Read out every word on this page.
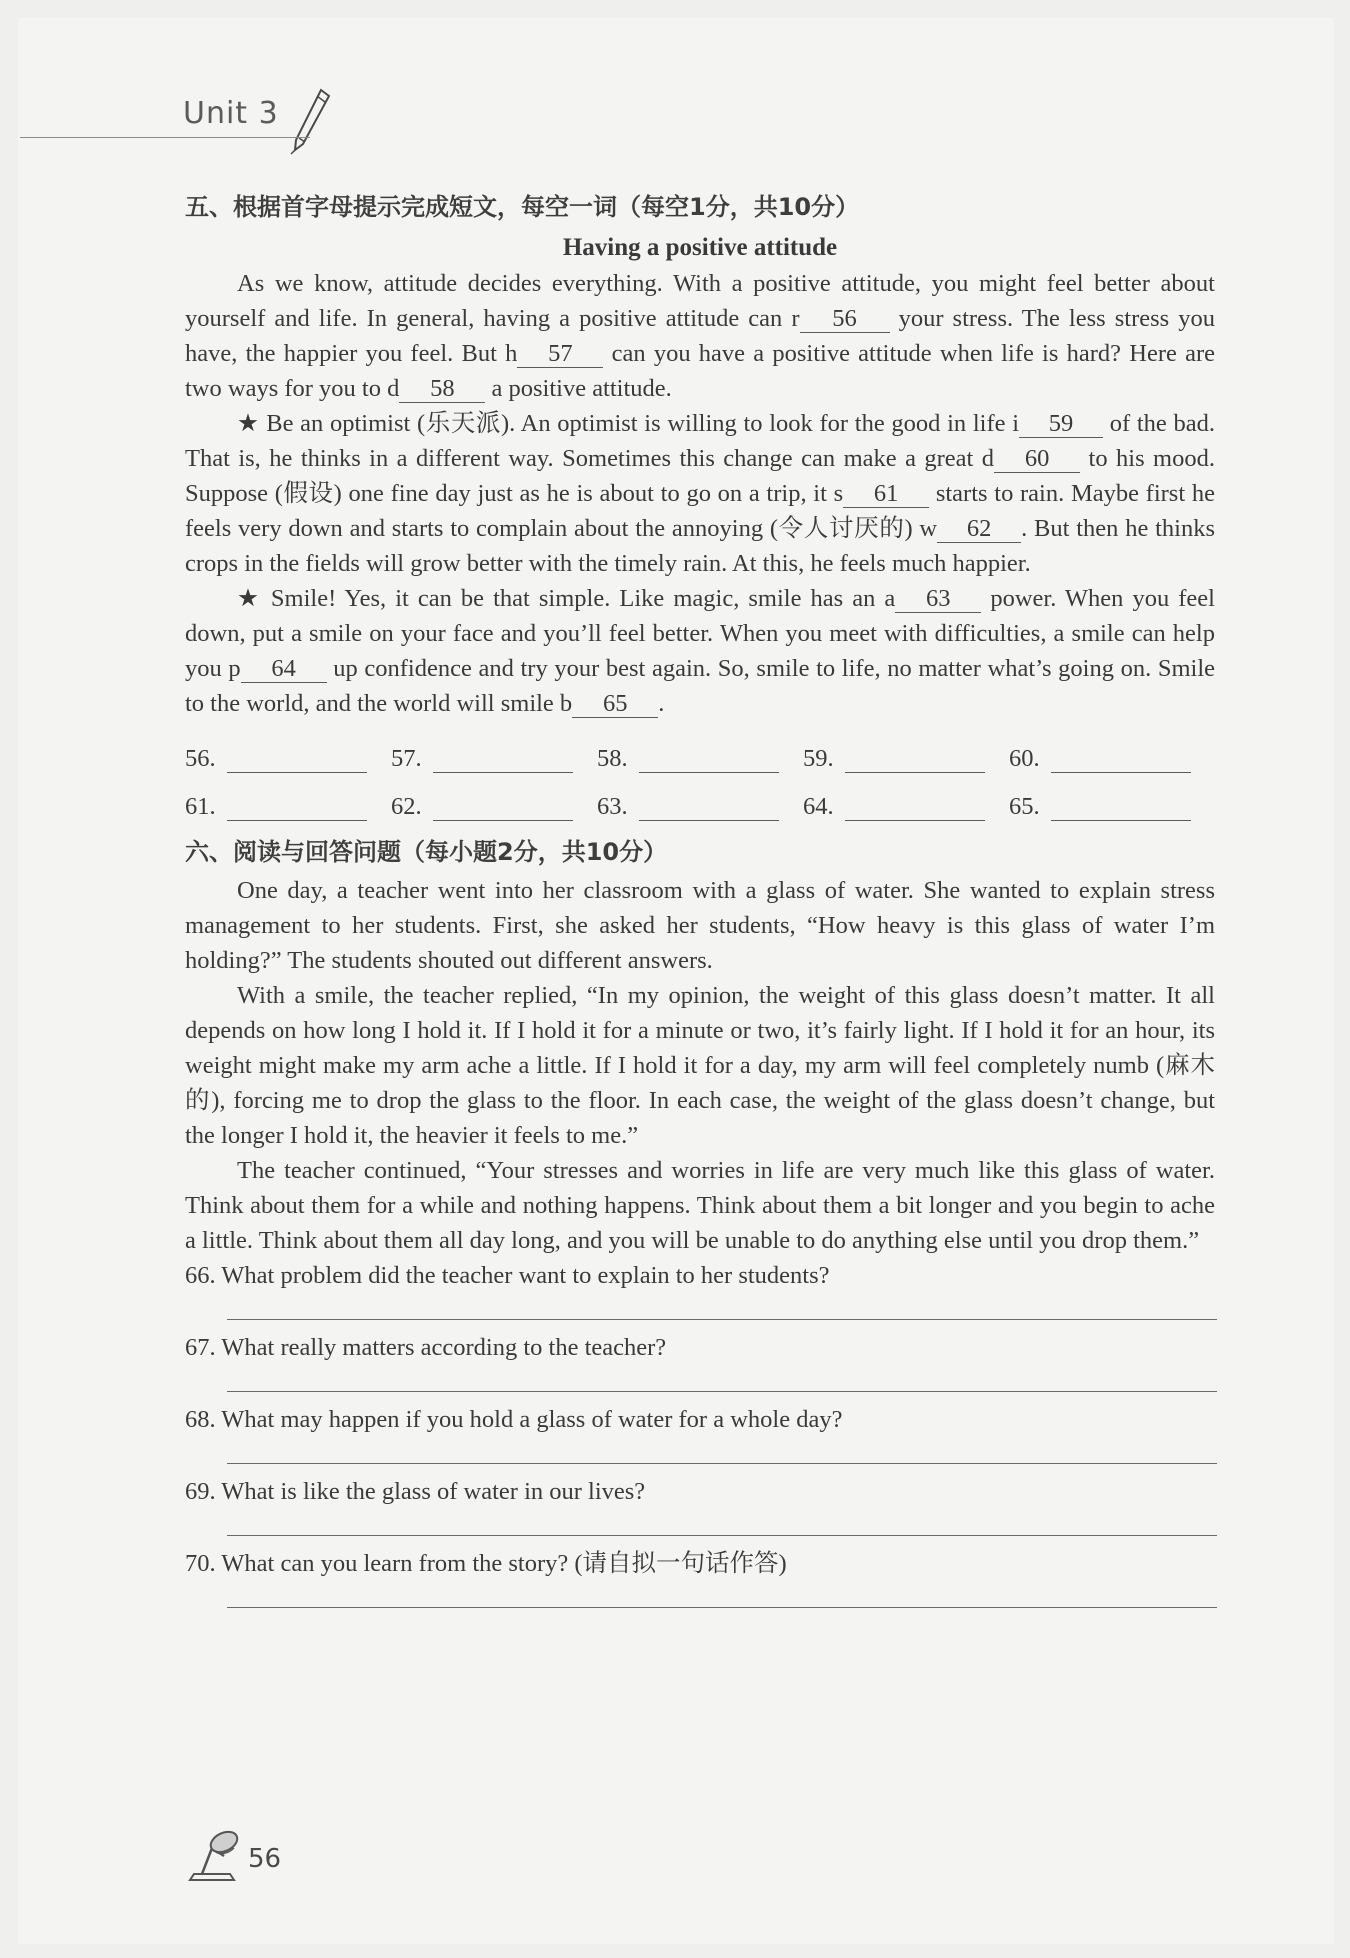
Unit 3
五、根据首字母提示完成短文，每空一词（每空1分，共10分）
Having a positive attitude
As we know, attitude decides everything. With a positive attitude, you might feel better about yourself and life. In general, having a positive attitude can r 56 your stress. The less stress you have, the happier you feel. But h 57 can you have a positive attitude when life is hard? Here are two ways for you to d 58 a positive attitude.
★ Be an optimist (乐天派). An optimist is willing to look for the good in life i 59 of the bad. That is, he thinks in a different way. Sometimes this change can make a great d 60 to his mood. Suppose (假设) one fine day just as he is about to go on a trip, it s 61 starts to rain. Maybe first he feels very down and starts to complain about the annoying (令人讨厌的) w 62 . But then he thinks crops in the fields will grow better with the timely rain. At this, he feels much happier.
★ Smile! Yes, it can be that simple. Like magic, smile has an a 63 power. When you feel down, put a smile on your face and you’ll feel better. When you meet with difficulties, a smile can help you p 64 up confidence and try your best again. So, smile to life, no matter what’s going on. Smile to the world, and the world will smile b 65 .
56.	57.	58.	59.	60.
61.	62.	63.	64.	65.
六、阅读与回答问题（每小题2分，共10分）
One day, a teacher went into her classroom with a glass of water. She wanted to explain stress management to her students. First, she asked her students, “How heavy is this glass of water I’m holding?” The students shouted out different answers.
With a smile, the teacher replied, “In my opinion, the weight of this glass doesn’t matter. It all depends on how long I hold it. If I hold it for a minute or two, it’s fairly light. If I hold it for an hour, its weight might make my arm ache a little. If I hold it for a day, my arm will feel completely numb (麻木的), forcing me to drop the glass to the floor. In each case, the weight of the glass doesn’t change, but the longer I hold it, the heavier it feels to me.”
The teacher continued, “Your stresses and worries in life are very much like this glass of water. Think about them for a while and nothing happens. Think about them a bit longer and you begin to ache a little. Think about them all day long, and you will be unable to do anything else until you drop them.”
66. What problem did the teacher want to explain to her students?
67. What really matters according to the teacher?
68. What may happen if you hold a glass of water for a whole day?
69. What is like the glass of water in our lives?
70. What can you learn from the story? (请自拟一句话作答)
56
